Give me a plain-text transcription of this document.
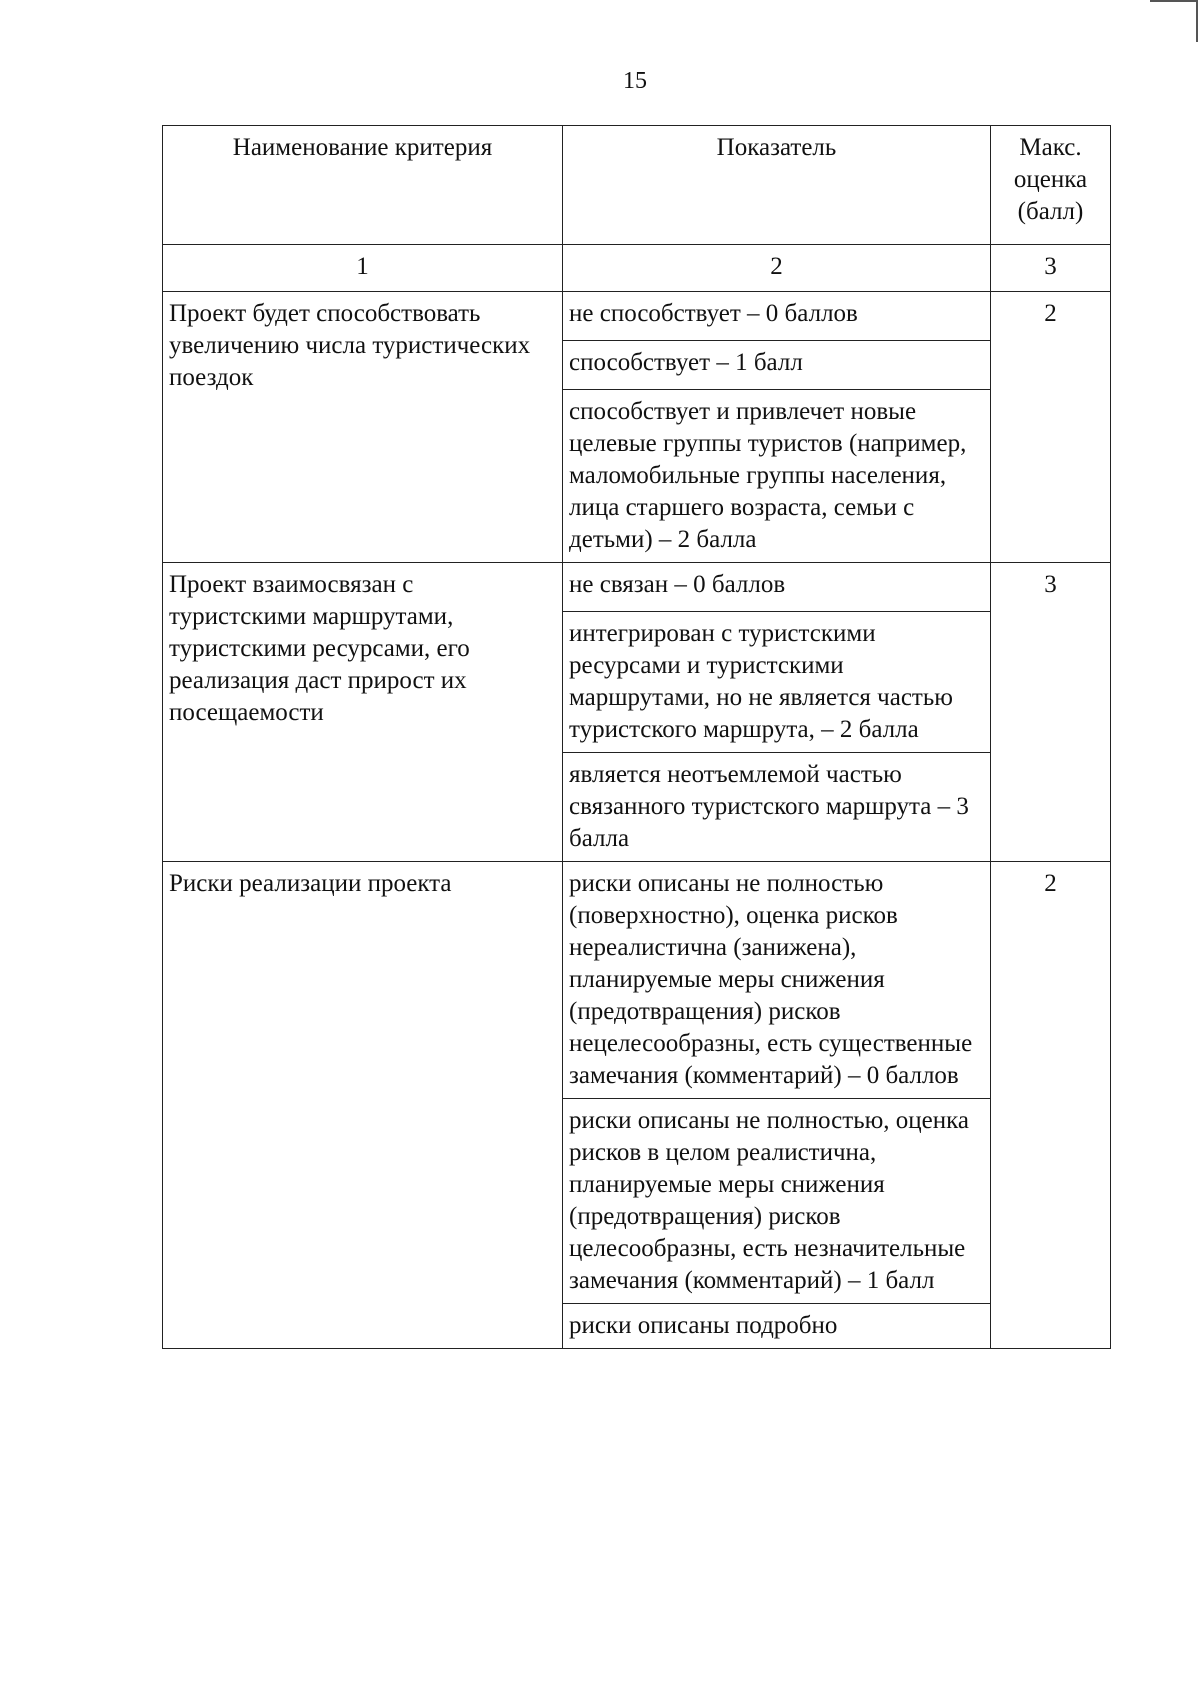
15
Наименование критерия	Показатель	Макс. оценка (балл)
1	2	3
Проект будет способствовать увеличению числа туристических поездок	не способствует – 0 баллов	2
	способствует – 1 балл	
	способствует и привлечет новые целевые группы туристов (например, маломобильные группы населения, лица старшего возраста, семьи с детьми) – 2 балла	
Проект взаимосвязан с туристскими маршрутами, туристскими ресурсами, его реализация даст прирост их посещаемости	не связан – 0 баллов	3
	интегрирован с туристскими ресурсами и туристскими маршрутами, но не является частью туристского маршрута, – 2 балла	
	является неотъемлемой частью связанного туристского маршрута – 3 балла	
Риски реализации проекта	риски описаны не полностью (поверхностно), оценка рисков нереалистична (занижена), планируемые меры снижения (предотвращения) рисков нецелесообразны, есть существенные замечания (комментарий) – 0 баллов	2
	риски описаны не полностью, оценка рисков в целом реалистична, планируемые меры снижения (предотвращения) рисков целесообразны, есть незначительные замечания (комментарий) – 1 балл	
	риски описаны подробно	
